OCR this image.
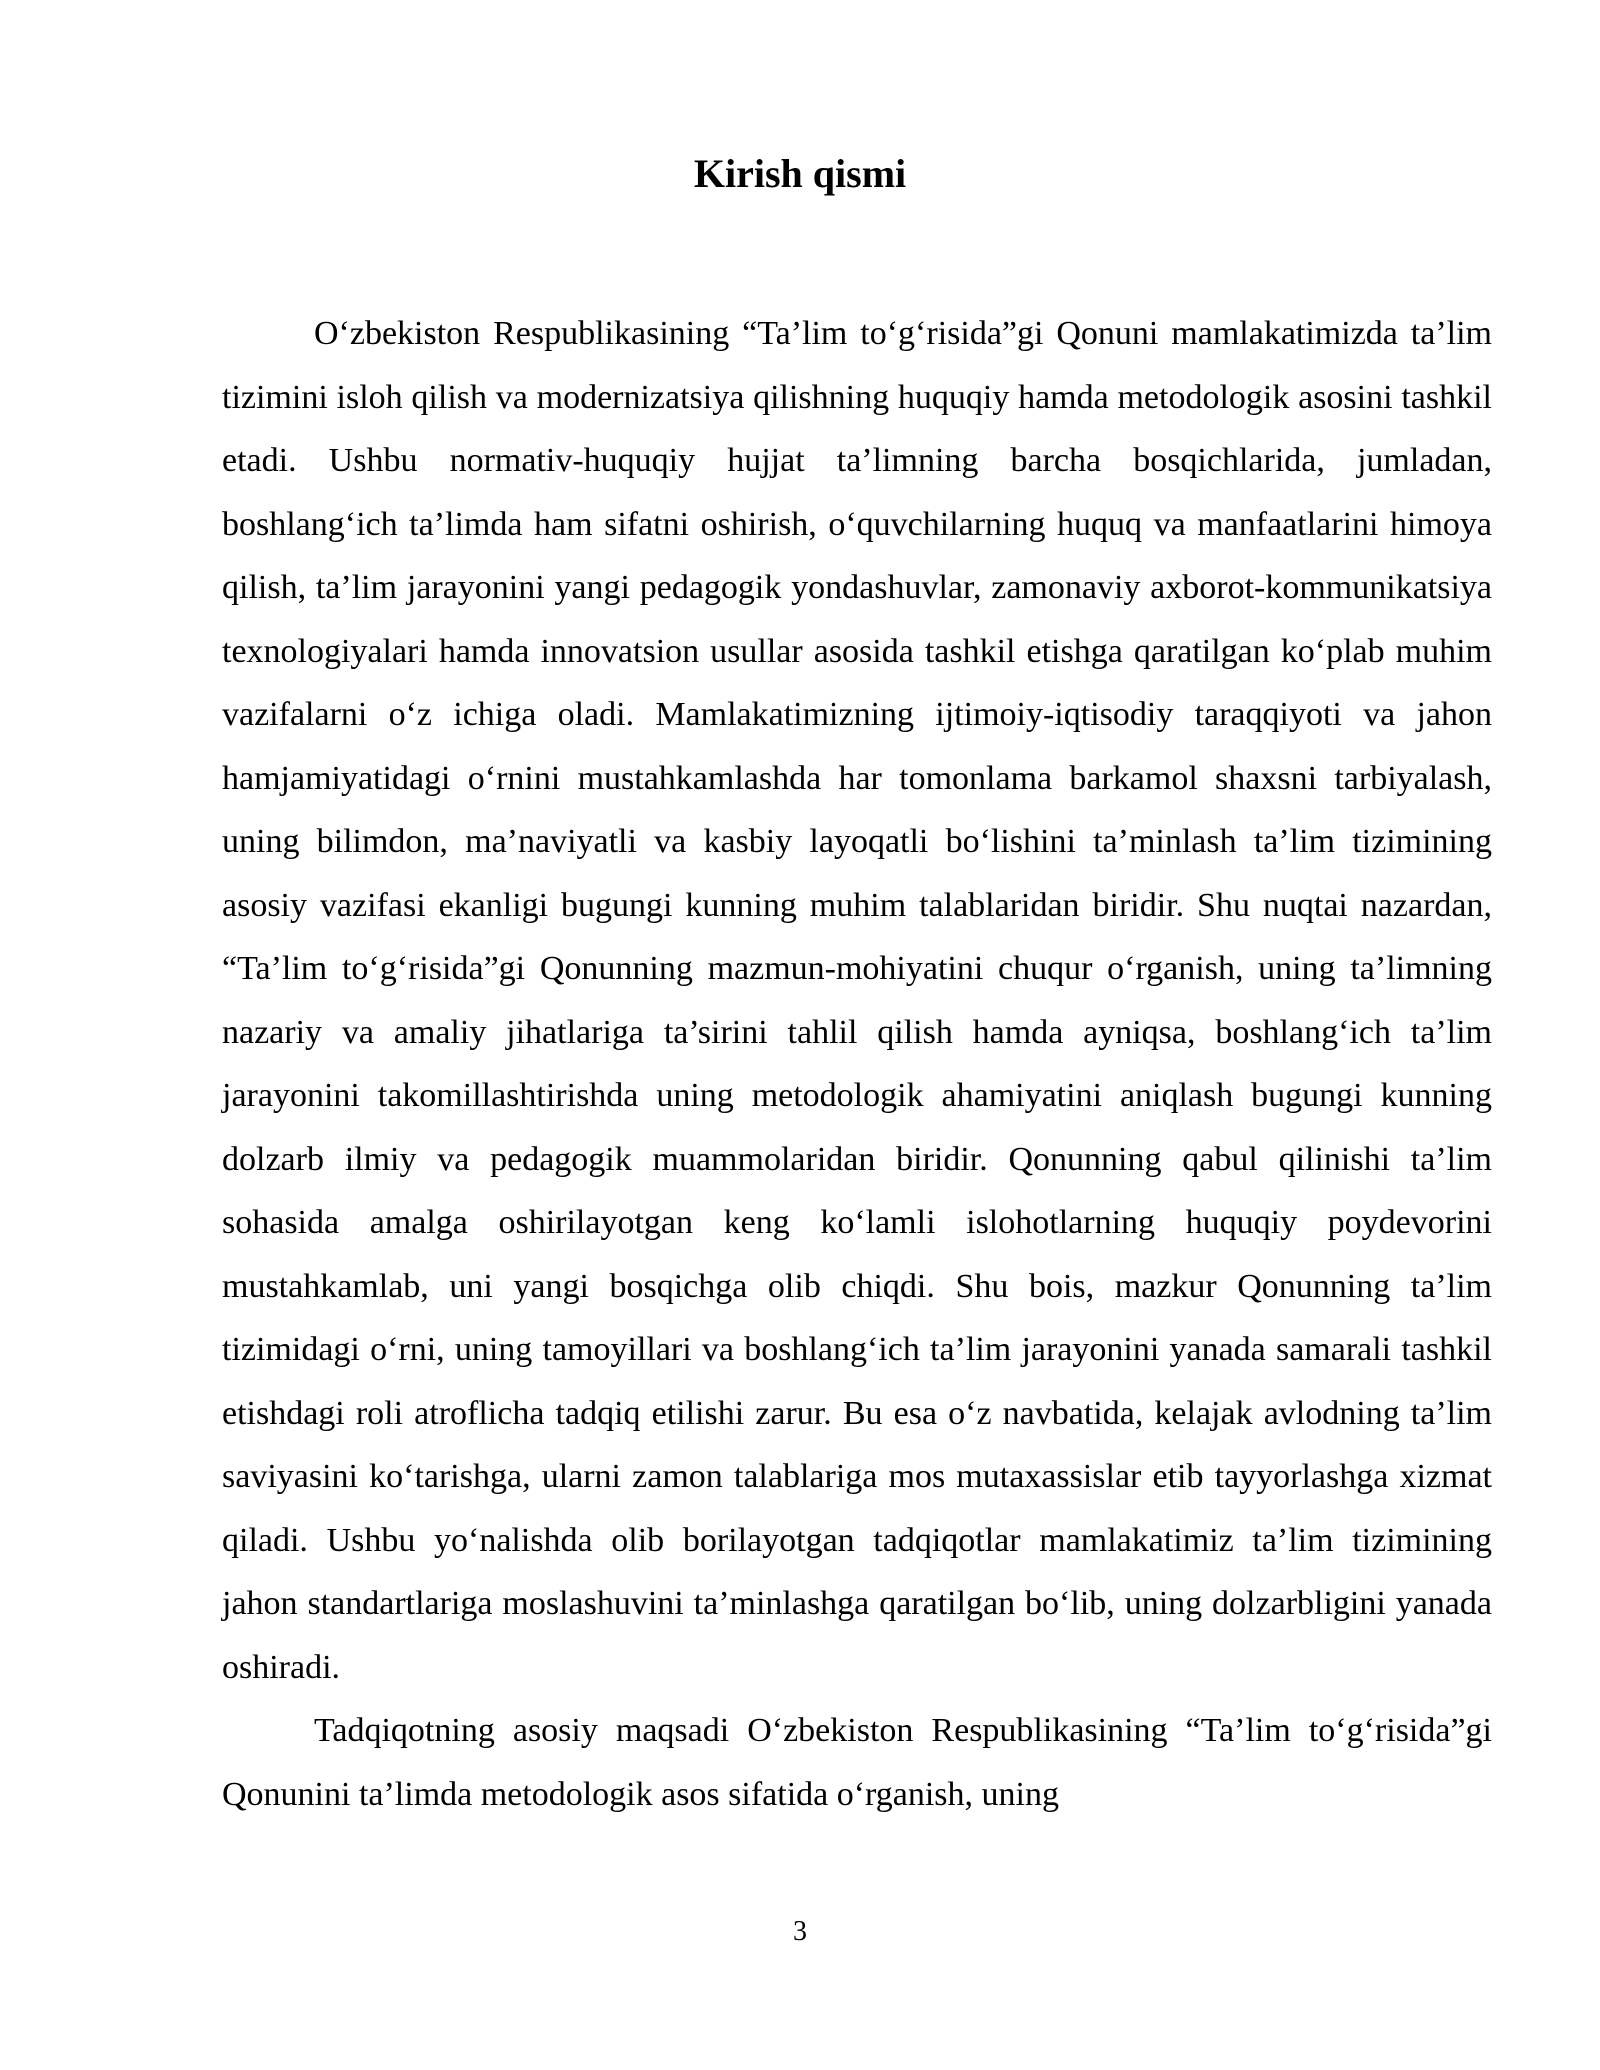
Kirish qismi

O‘zbekiston Respublikasining “Ta’lim to‘g‘risida”gi Qonuni mamlakatimizda ta’lim tizimini isloh qilish va modernizatsiya qilishning huquqiy hamda metodologik asosini tashkil etadi. Ushbu normativ-huquqiy hujjat ta’limning barcha bosqichlarida, jumladan, boshlang‘ich ta’limda ham sifatni oshirish, o‘quvchilarning huquq va manfaatlarini himoya qilish, ta’lim jarayonini yangi pedagogik yondashuvlar, zamonaviy axborot-kommunikatsiya texnologiyalari hamda innovatsion usullar asosida tashkil etishga qaratilgan ko‘plab muhim vazifalarni o‘z ichiga oladi. Mamlakatimizning ijtimoiy-iqtisodiy taraqqiyoti va jahon hamjamiyatidagi o‘rnini mustahkamlashda har tomonlama barkamol shaxsni tarbiyalash, uning bilimdon, ma’naviyatli va kasbiy layoqatli bo‘lishini ta’minlash ta’lim tizimining asosiy vazifasi ekanligi bugungi kunning muhim talablaridan biridir. Shu nuqtai nazardan, “Ta’lim to‘g‘risida”gi Qonunning mazmun-mohiyatini chuqur o‘rganish, uning ta’limning nazariy va amaliy jihatlariga ta’sirini tahlil qilish hamda ayniqsa, boshlang‘ich ta’lim jarayonini takomillashtirishda uning metodologik ahamiyatini aniqlash bugungi kunning dolzarb ilmiy va pedagogik muammolaridan biridir. Qonunning qabul qilinishi ta’lim sohasida amalga oshirilayotgan keng ko‘lamli islohotlarning huquqiy poydevorini mustahkamlab, uni yangi bosqichga olib chiqdi. Shu bois, mazkur Qonunning ta’lim tizimidagi o‘rni, uning tamoyillari va boshlang‘ich ta’lim jarayonini yanada samarali tashkil etishdagi roli atroflicha tadqiq etilishi zarur. Bu esa o‘z navbatida, kelajak avlodning ta’lim saviyasini ko‘tarishga, ularni zamon talablariga mos mutaxassislar etib tayyorlashga xizmat qiladi. Ushbu yo‘nalishda olib borilayotgan tadqiqotlar mamlakatimiz ta’lim tizimining jahon standartlariga moslashuvini ta’minlashga qaratilgan bo‘lib, uning dolzarbligini yanada oshiradi.

Tadqiqotning asosiy maqsadi O‘zbekiston Respublikasining “Ta’lim to‘g‘risida”gi Qonunini ta’limda metodologik asos sifatida o‘rganish, uning

3
